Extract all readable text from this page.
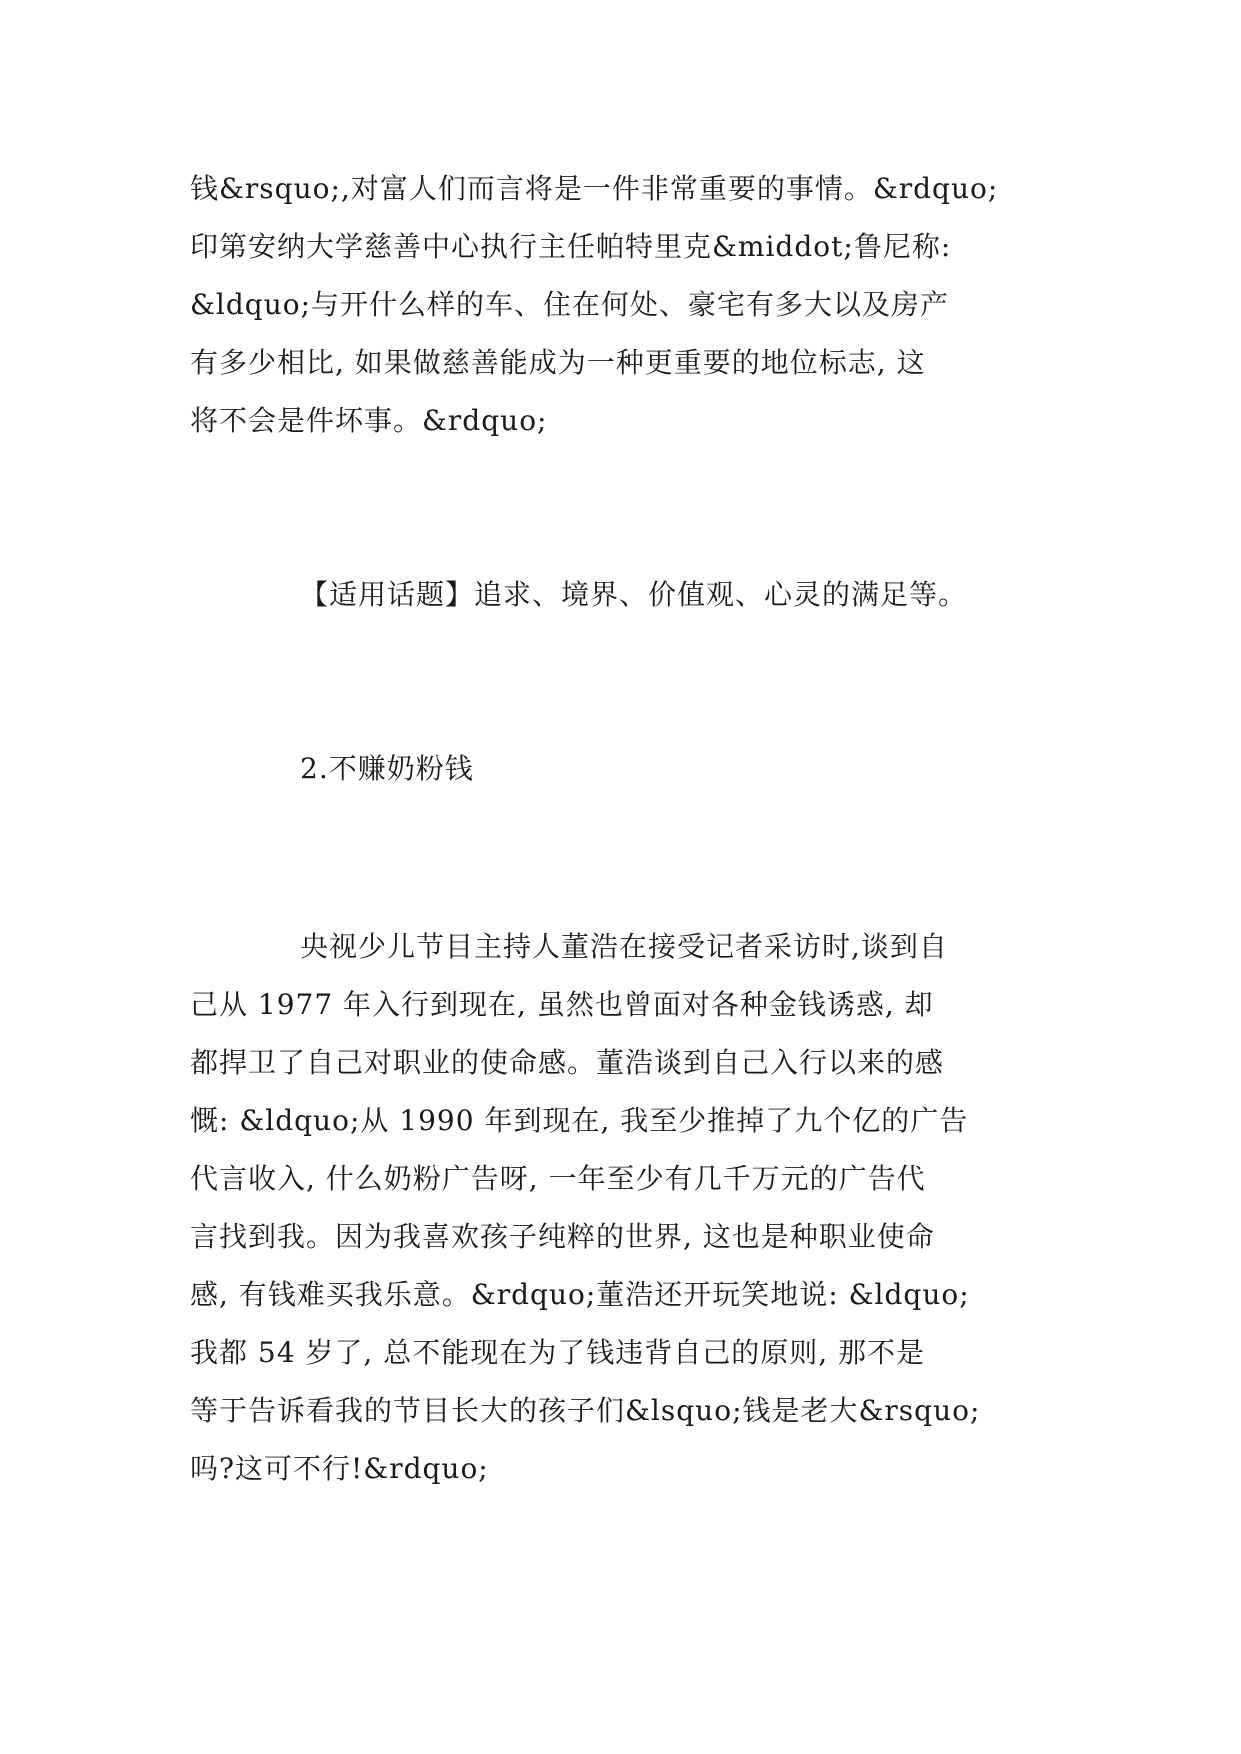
钱&rsquo;,对富人们而言将是一件非常重要的事情。&rdquo;
印第安纳大学慈善中心执行主任帕特里克&middot;鲁尼称:
&ldquo;与开什么样的车、住在何处、豪宅有多大以及房产
有多少相比, 如果做慈善能成为一种更重要的地位标志, 这
将不会是件坏事。&rdquo;
【适用话题】追求、境界、价值观、心灵的满足等。
2.不赚奶粉钱
央视少儿节目主持人董浩在接受记者采访时,谈到自
己从 1977 年入行到现在, 虽然也曾面对各种金钱诱惑, 却
都捍卫了自己对职业的使命感。董浩谈到自己入行以来的感
慨: &ldquo;从 1990 年到现在, 我至少推掉了九个亿的广告
代言收入, 什么奶粉广告呀, 一年至少有几千万元的广告代
言找到我。因为我喜欢孩子纯粹的世界, 这也是种职业使命
感, 有钱难买我乐意。&rdquo;董浩还开玩笑地说: &ldquo;
我都 54 岁了, 总不能现在为了钱违背自己的原则, 那不是
等于告诉看我的节目长大的孩子们&lsquo;钱是老大&rsquo;
吗?这可不行!&rdquo;
